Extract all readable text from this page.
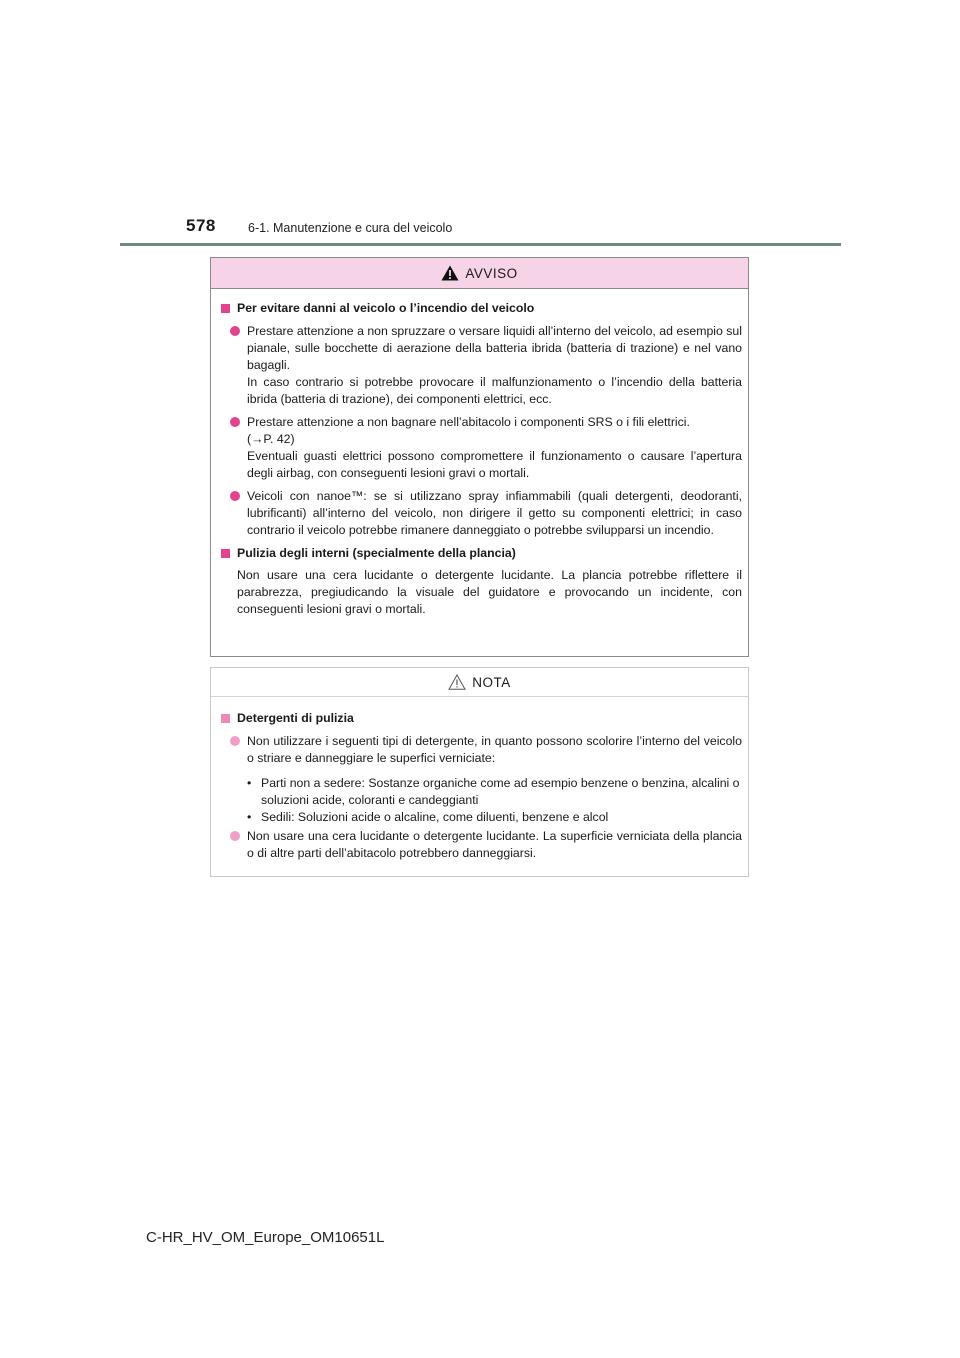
578	6-1. Manutenzione e cura del veicolo
AVVISO
Per evitare danni al veicolo o l’incendio del veicolo

Prestare attenzione a non spruzzare o versare liquidi all’interno del veicolo, ad esempio sul pianale, sulle bocchette di aerazione della batteria ibrida (batteria di trazione) e nel vano bagagli.

In caso contrario si potrebbe provocare il malfunzionamento o l’incendio della batteria ibrida (batteria di trazione), dei componenti elettrici, ecc.

Prestare attenzione a non bagnare nell’abitacolo i componenti SRS o i fili elettrici.

(→P. 42)

Eventuali guasti elettrici possono compromettere il funzionamento o causare l’apertura degli airbag, con conseguenti lesioni gravi o mortali.

Veicoli con nanoe™: se si utilizzano spray infiammabili (quali detergenti, deodoranti, lubrificanti) all’interno del veicolo, non dirigere il getto su componenti elettrici; in caso contrario il veicolo potrebbe rimanere danneggiato o potrebbe svilupparsi un incendio.

Pulizia degli interni (specialmente della plancia)
Non usare una cera lucidante o detergente lucidante. La plancia potrebbe riflettere il parabrezza, pregiudicando la visuale del guidatore e provocando un incidente, con conseguenti lesioni gravi o mortali.
NOTA
Detergenti di pulizia

Non utilizzare i seguenti tipi di detergente, in quanto possono scolorire l’interno del veicolo o striare e danneggiare le superfici verniciate:

• Parti non a sedere: Sostanze organiche come ad esempio benzene o benzina, alcalini o soluzioni acide, coloranti e candeggianti
• Sedili: Soluzioni acide o alcaline, come diluenti, benzene e alcol

Non usare una cera lucidante o detergente lucidante. La superficie verniciata della plancia o di altre parti dell’abitacolo potrebbero danneggiarsi.

C-HR_HV_OM_Europe_OM10651L
